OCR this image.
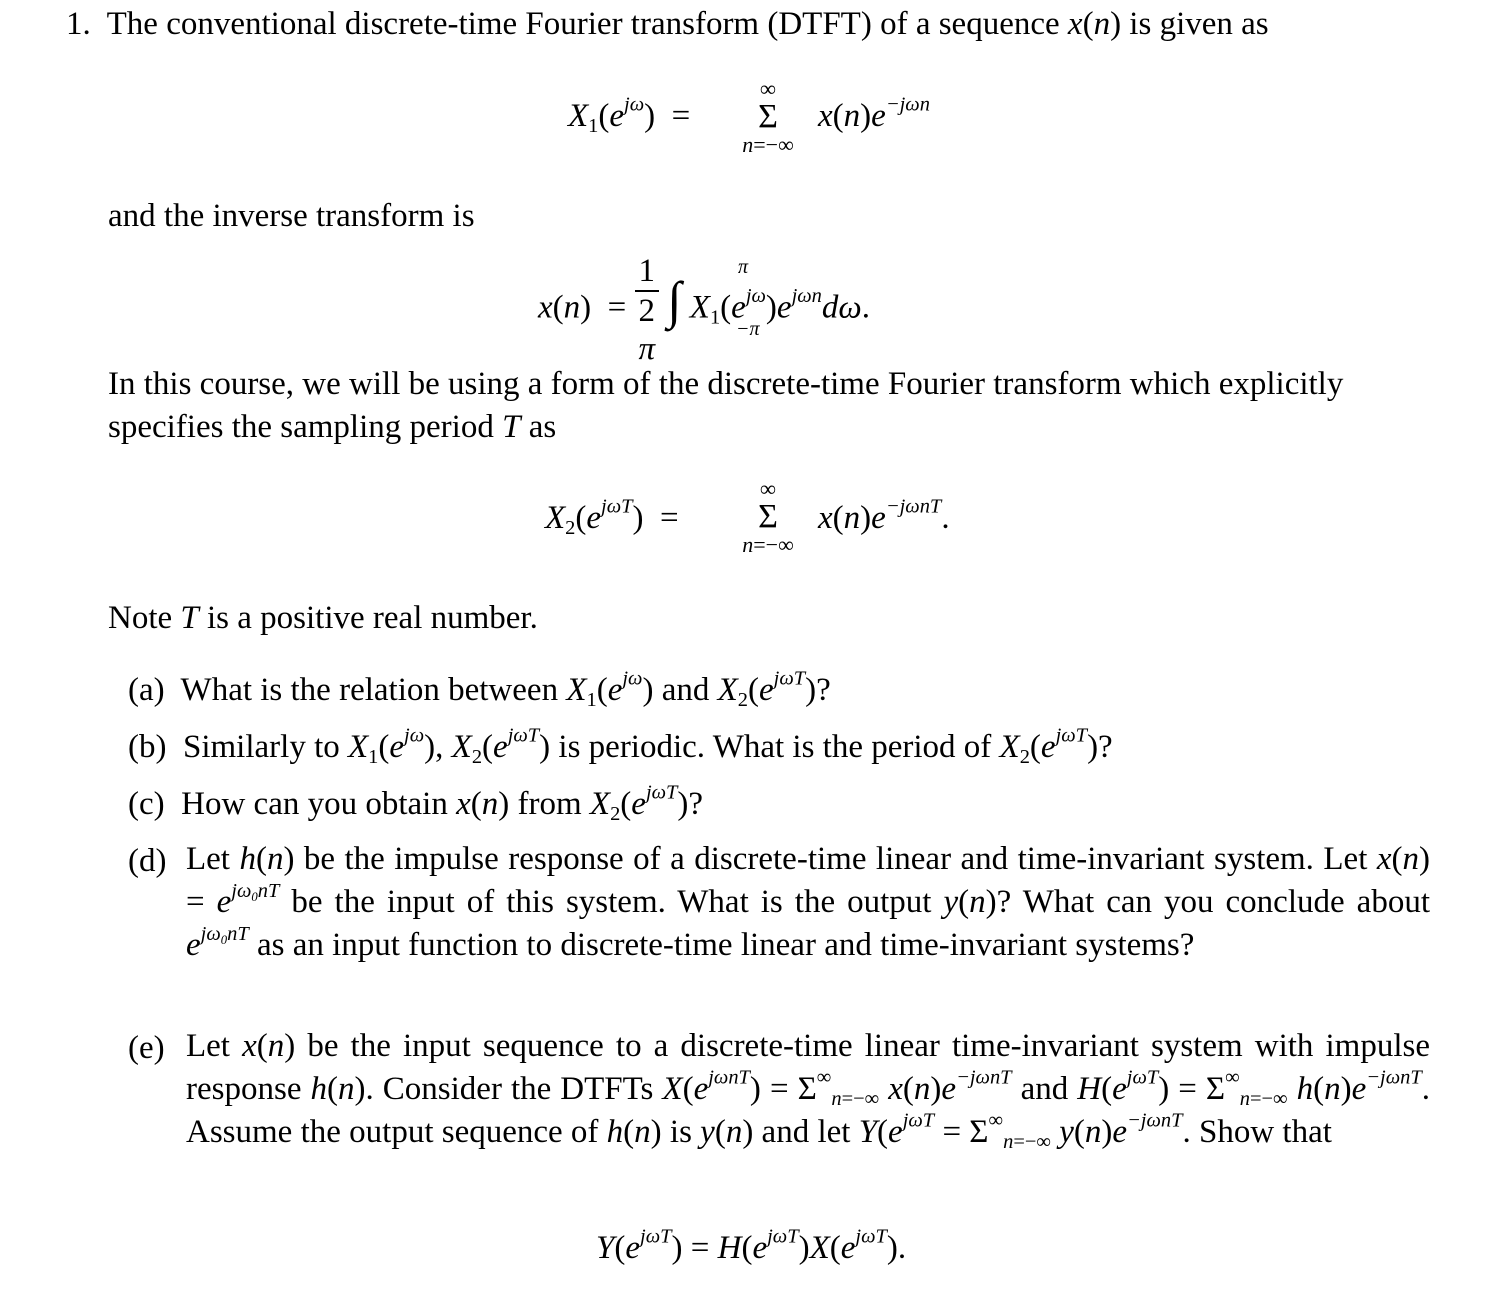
1.  The conventional discrete-time Fourier transform (DTFT) of a sequence x(n) is given as
$X_1(e^{j\omega})$  =
∞
Σ
n=−∞
$x(n)e^{-j\omega n}$
and the inverse transform is
x(n)  = 1
2
π ∫ $X_1(e^{j\omega})e^{j\omega n}d\omega$.
π
−π
In this course, we will be using a form of the discrete-time Fourier transform which explicitly
specifies the sampling period T as
$X_2(e^{j\omega T})$  =
∞
Σ
n=−∞
$x(n)e^{-j\omega nT}$.
Note T is a positive real number.
(a)  What is the relation between $X_1(e^{j\omega})$ and $X_2(e^{j\omega T})$?
(b)  Similarly to $X_1(e^{j\omega})$, $X_2(e^{j\omega T})$ is periodic. What is the period of $X_2(e^{j\omega T})$?
(c)  How can you obtain x(n) from $X_2(e^{j\omega T})$?
(d) Let h(n) be the impulse response of a discrete-time linear and time-invariant system. Let $x(n) = e^{j\omega_0nT}$ be the input of this system. What is the output y(n)? What can you conclude about $e^{j\omega_0nT}$ as an input function to discrete-time linear and time-invariant systems?
(e) Let x(n) be the input sequence to a discrete-time linear time-invariant system with impulse response h(n). Consider the DTFTs $X(e^{j\omega nT}) = \Sigma^\infty_{n=-\infty}$ $x(n)e^{-j\omega nT}$ and $H(e^{j\omega T}) = \Sigma^\infty_{n=-\infty}$ $h(n)e^{-j\omega nT}$. Assume the output sequence of h(n) is y(n) and let $Y(e^{j\omega T} = \Sigma^\infty_{n=-\infty}$ $y(n)e^{-j\omega nT}$. Show that
$Y(e^{j\omega T}) = H(e^{j\omega T})X(e^{j\omega T})$.
